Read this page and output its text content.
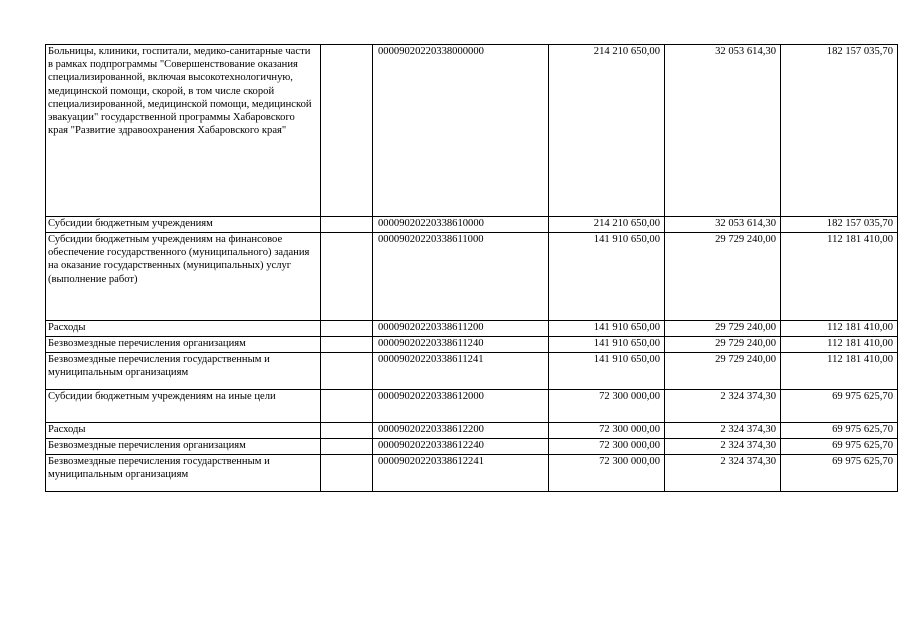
Больницы, клиники, госпитали, медико-санитарные части в рамках подпрограммы "Совершенствование оказания специализированной, включая высокотехнологичную, медицинской помощи, скорой, в том числе скорой специализированной, медицинской помощи, медицинской эвакуации" государственной программы Хабаровского края "Развитие здравоохранения Хабаровского края"		00009020220338000000	214 210 650,00	32 053 614,30	182 157 035,70
Субсидии бюджетным учреждениям		00009020220338610000	214 210 650,00	32 053 614,30	182 157 035,70
Субсидии бюджетным учреждениям на финансовое обеспечение государственного (муниципального) задания на оказание государственных (муниципальных) услуг (выполнение работ)		00009020220338611000	141 910 650,00	29 729 240,00	112 181 410,00
Расходы		00009020220338611200	141 910 650,00	29 729 240,00	112 181 410,00
Безвозмездные перечисления организациям		00009020220338611240	141 910 650,00	29 729 240,00	112 181 410,00
Безвозмездные перечисления государственным и муниципальным организациям		00009020220338611241	141 910 650,00	29 729 240,00	112 181 410,00
Субсидии бюджетным учреждениям на иные цели		00009020220338612000	72 300 000,00	2 324 374,30	69 975 625,70
Расходы		00009020220338612200	72 300 000,00	2 324 374,30	69 975 625,70
Безвозмездные перечисления организациям		00009020220338612240	72 300 000,00	2 324 374,30	69 975 625,70
Безвозмездные перечисления государственным и муниципальным организациям		00009020220338612241	72 300 000,00	2 324 374,30	69 975 625,70
